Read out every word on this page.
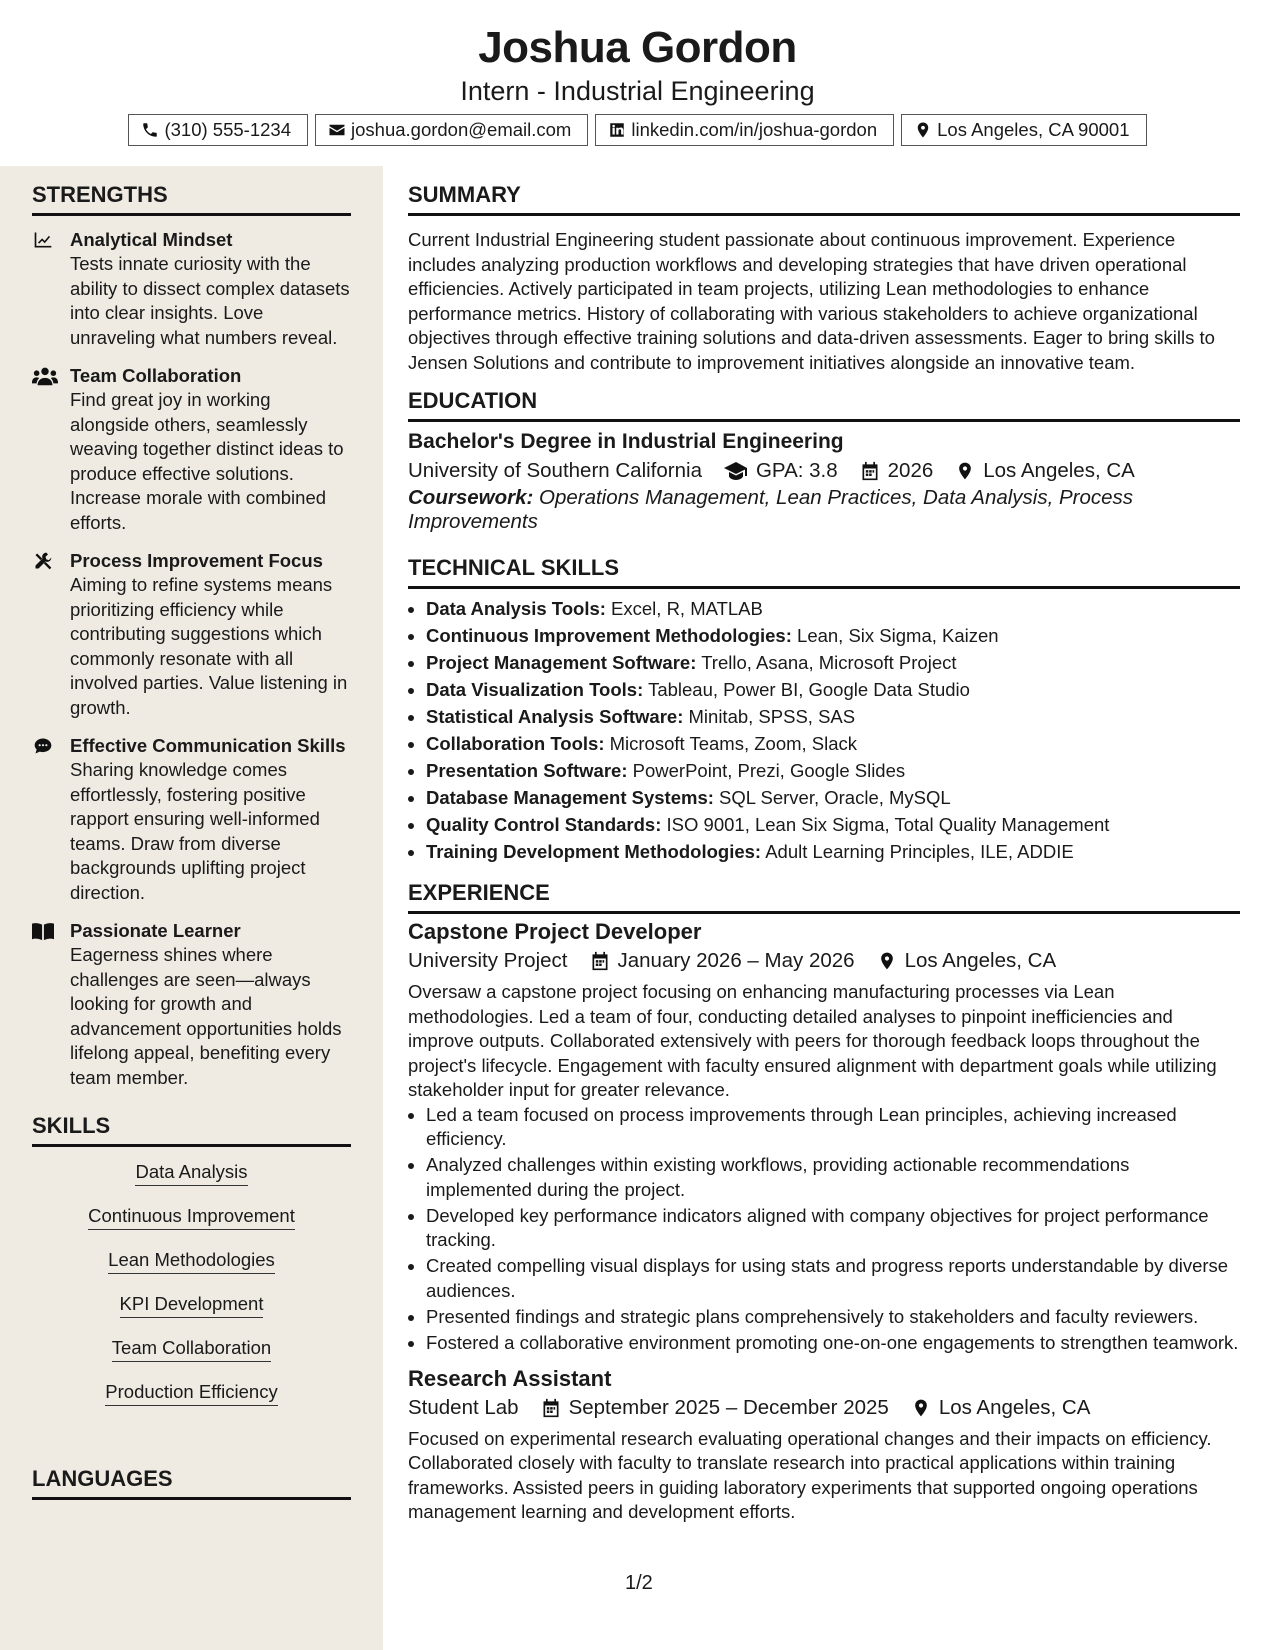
Joshua Gordon
Intern - Industrial Engineering
(310) 555-1234	joshua.gordon@email.com	linkedin.com/in/joshua-gordon	Los Angeles, CA 90001
STRENGTHS
Analytical Mindset
Tests innate curiosity with the ability to dissect complex datasets into clear insights. Love unraveling what numbers reveal.
Team Collaboration
Find great joy in working alongside others, seamlessly weaving together distinct ideas to produce effective solutions. Increase morale with combined efforts.
Process Improvement Focus
Aiming to refine systems means prioritizing efficiency while contributing suggestions which commonly resonate with all involved parties. Value listening in growth.
Effective Communication Skills
Sharing knowledge comes effortlessly, fostering positive rapport ensuring well-informed teams. Draw from diverse backgrounds uplifting project direction.
Passionate Learner
Eagerness shines where challenges are seen—always looking for growth and advancement opportunities holds lifelong appeal, benefiting every team member.
SKILLS
Data Analysis
Continuous Improvement
Lean Methodologies
KPI Development
Team Collaboration
Production Efficiency
LANGUAGES
SUMMARY
Current Industrial Engineering student passionate about continuous improvement. Experience includes analyzing production workflows and developing strategies that have driven operational efficiencies. Actively participated in team projects, utilizing Lean methodologies to enhance performance metrics. History of collaborating with various stakeholders to achieve organizational objectives through effective training solutions and data-driven assessments. Eager to bring skills to Jensen Solutions and contribute to improvement initiatives alongside an innovative team.
EDUCATION
Bachelor's Degree in Industrial Engineering
University of Southern California	GPA: 3.8 2026 Los Angeles, CA
Coursework: Operations Management, Lean Practices, Data Analysis, Process Improvements
TECHNICAL SKILLS
• Data Analysis Tools: Excel, R, MATLAB
• Continuous Improvement Methodologies: Lean, Six Sigma, Kaizen
• Project Management Software: Trello, Asana, Microsoft Project
• Data Visualization Tools: Tableau, Power BI, Google Data Studio
• Statistical Analysis Software: Minitab, SPSS, SAS
• Collaboration Tools: Microsoft Teams, Zoom, Slack
• Presentation Software: PowerPoint, Prezi, Google Slides
• Database Management Systems: SQL Server, Oracle, MySQL
• Quality Control Standards: ISO 9001, Lean Six Sigma, Total Quality Management
• Training Development Methodologies: Adult Learning Principles, ILE, ADDIE
EXPERIENCE
Capstone Project Developer
University Project January 2026 – May 2026 Los Angeles, CA
Oversaw a capstone project focusing on enhancing manufacturing processes via Lean methodologies. Led a team of four, conducting detailed analyses to pinpoint inefficiencies and improve outputs. Collaborated extensively with peers for thorough feedback loops throughout the project's lifecycle. Engagement with faculty ensured alignment with department goals while utilizing stakeholder input for greater relevance.
• Led a team focused on process improvements through Lean principles, achieving increased efficiency.
• Analyzed challenges within existing workflows, providing actionable recommendations implemented during the project.
• Developed key performance indicators aligned with company objectives for project performance tracking.
• Created compelling visual displays for using stats and progress reports understandable by diverse audiences.
• Presented findings and strategic plans comprehensively to stakeholders and faculty reviewers.
• Fostered a collaborative environment promoting one-on-one engagements to strengthen teamwork.
Research Assistant
Student Lab September 2025 – December 2025 Los Angeles, CA
Focused on experimental research evaluating operational changes and their impacts on efficiency. Collaborated closely with faculty to translate research into practical applications within training frameworks. Assisted peers in guiding laboratory experiments that supported ongoing operations management learning and development efforts.
1/2
